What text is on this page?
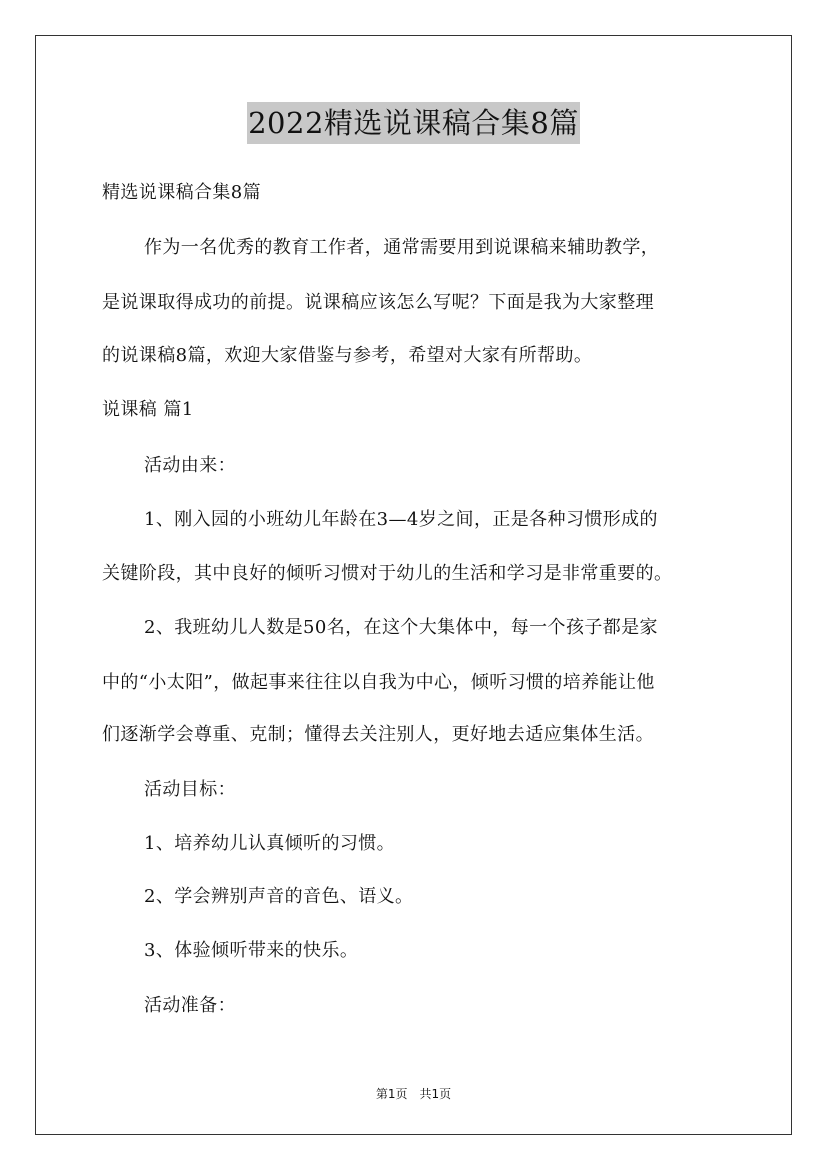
2022精选说课稿合集8篇
精选说课稿合集8篇
作为一名优秀的教育工作者，通常需要用到说课稿来辅助教学，
是说课取得成功的前提。说课稿应该怎么写呢？下面是我为大家整理
的说课稿8篇，欢迎大家借鉴与参考，希望对大家有所帮助。
说课稿 篇1
活动由来：
1、刚入园的小班幼儿年龄在3—4岁之间，正是各种习惯形成的
关键阶段，其中良好的倾听习惯对于幼儿的生活和学习是非常重要的。
2、我班幼儿人数是50名，在这个大集体中，每一个孩子都是家
中的“小太阳”，做起事来往往以自我为中心，倾听习惯的培养能让他
们逐渐学会尊重、克制；懂得去关注别人，更好地去适应集体生活。
活动目标：
1、培养幼儿认真倾听的习惯。
2、学会辨别声音的音色、语义。
3、体验倾听带来的快乐。
活动准备：
第1页 共1页
